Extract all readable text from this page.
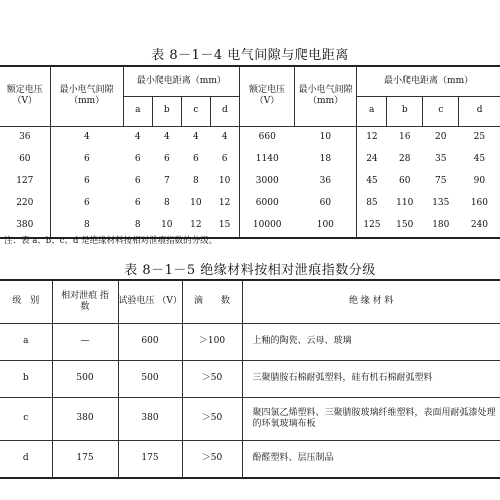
表 8－1－4 电气间隙与爬电距离
额定电压 （V）	最小电气间隙 （mm）	最小爬电距离（mm）				额定电压 （V）	最小电气间隙 （mm）	最小爬电距离（mm）			
		a	b	c	d			a	b	c	d
36	4	4	4	4	4	660	10	12	16	20	25
60	6	6	6	6	6	1140	18	24	28	35	45
127	6	6	7	8	10	3000	36	45	60	75	90
220	6	6	8	10	12	6000	60	85	110	135	160
380	8	8	10	12	15	10000	100	125	150	180	240
注：表 a、b、c、d 是绝缘材料按相对泄痕指数的分级。
表 8－1－5 绝缘材料按相对泄痕指数分级
级　别	相对泄痕 指　数	试验电压 （V）	滴　　数	绝 缘 材 料
a	—	600	＞100	上釉的陶瓷、云母、玻璃
b	500	500	＞50	三聚腈胺石棉耐弧塑料，硅有机石棉耐弧塑料
c	380	380	＞50	聚四氯乙烯塑料、三聚腈胺玻璃纤维塑料，表面用耐弧漆处理的环氧玻璃布板
d	175	175	＞50	酚醛塑料、层压制品
